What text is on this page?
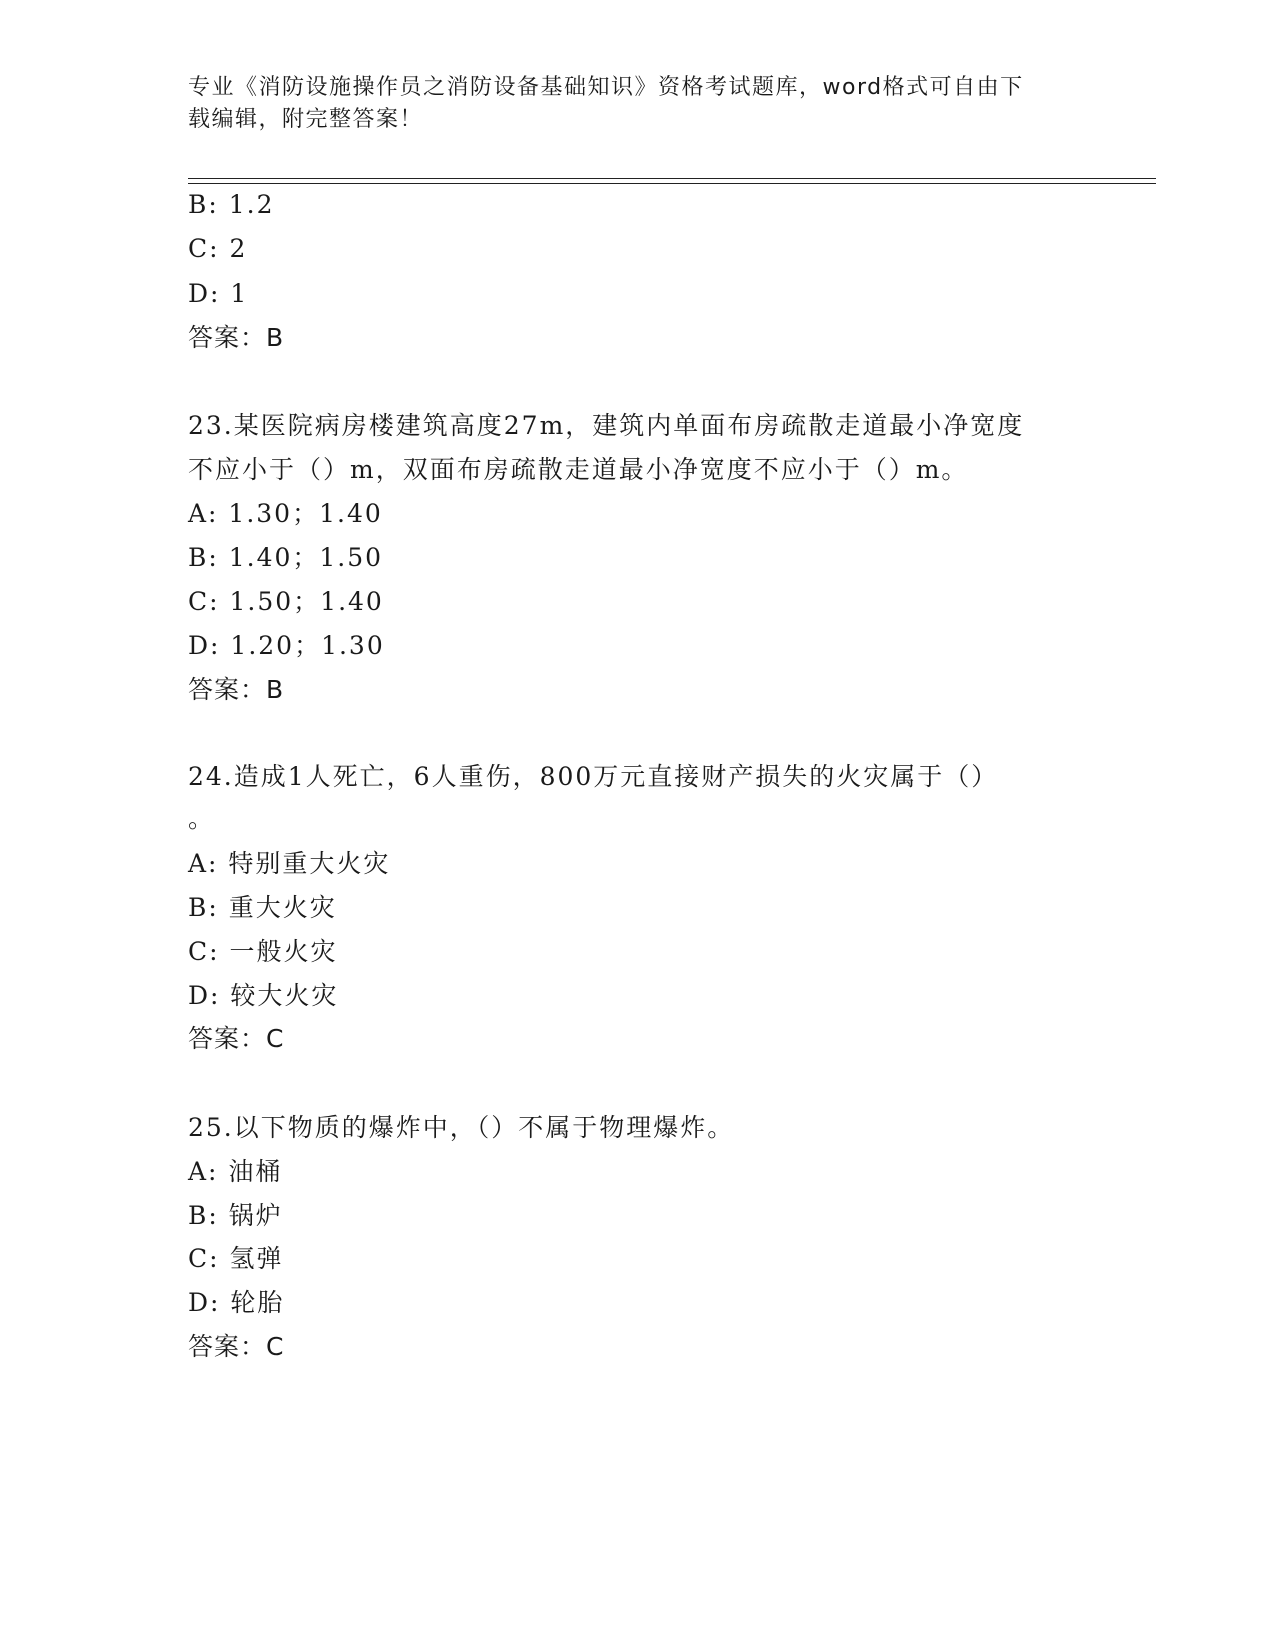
专业《消防设施操作员之消防设备基础知识》资格考试题库，word格式可自由下
载编辑，附完整答案！
B: 1.2
C: 2
D: 1
答案：B
23.某医院病房楼建筑高度27m，建筑内单面布房疏散走道最小净宽度
不应小于（）m，双面布房疏散走道最小净宽度不应小于（）m。
A: 1.30；1.40
B: 1.40；1.50
C: 1.50；1.40
D: 1.20；1.30
答案：B
24.造成1人死亡，6人重伤，800万元直接财产损失的火灾属于（）
。
A: 特别重大火灾
B: 重大火灾
C: 一般火灾
D: 较大火灾
答案：C
25.以下物质的爆炸中，（）不属于物理爆炸。
A: 油桶
B: 锅炉
C: 氢弹
D: 轮胎
答案：C
